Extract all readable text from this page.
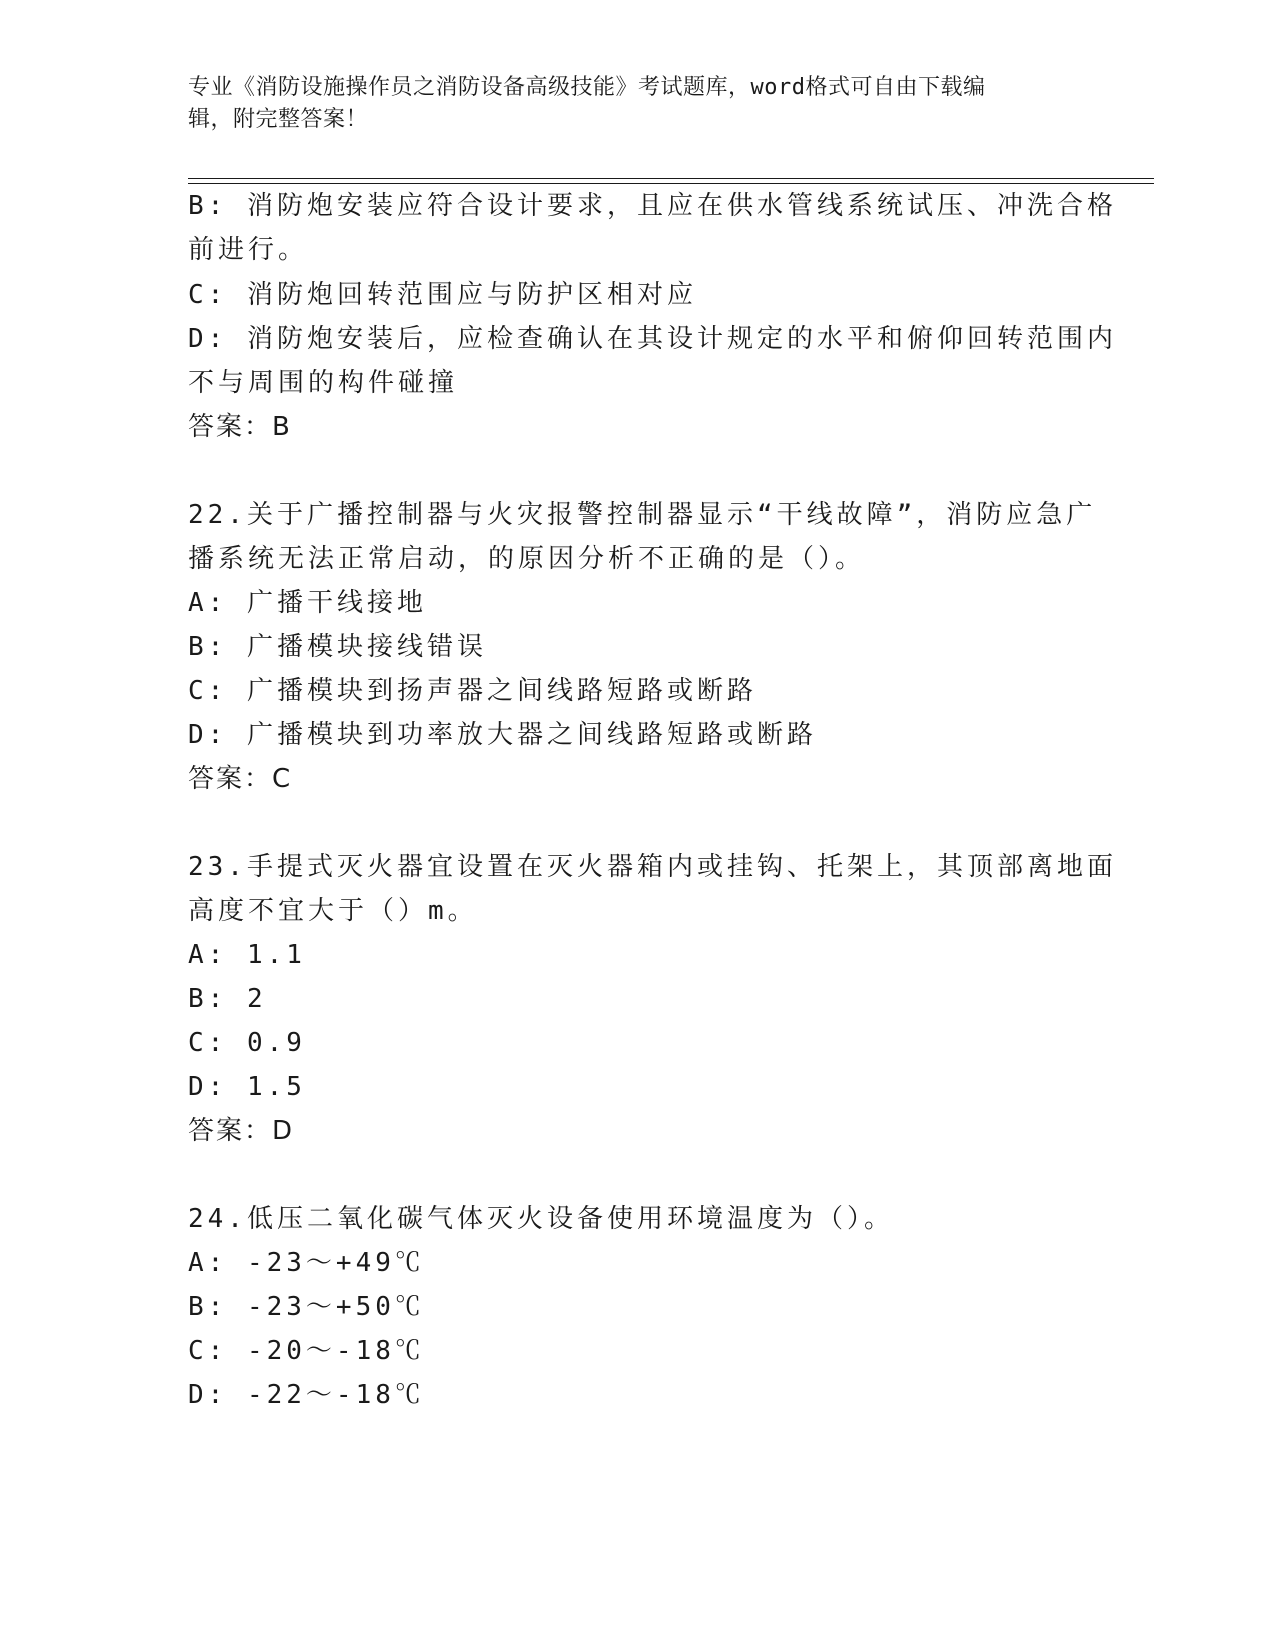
专业《消防设施操作员之消防设备高级技能》考试题库，word格式可自由下载编
辑，附完整答案！
B: 消防炮安装应符合设计要求，且应在供水管线系统试压、冲洗合格
前进行。
C: 消防炮回转范围应与防护区相对应
D: 消防炮安装后，应检查确认在其设计规定的水平和俯仰回转范围内
不与周围的构件碰撞
答案：B
22.关于广播控制器与火灾报警控制器显示“干线故障”，消防应急广
播系统无法正常启动，的原因分析不正确的是（）。
A: 广播干线接地
B: 广播模块接线错误
C: 广播模块到扬声器之间线路短路或断路
D: 广播模块到功率放大器之间线路短路或断路
答案：C
23.手提式灭火器宜设置在灭火器箱内或挂钩、托架上，其顶部离地面
高度不宜大于（）m。
A: 1.1
B: 2
C: 0.9
D: 1.5
答案：D
24.低压二氧化碳气体灭火设备使用环境温度为（）。
A: -23～+49℃
B: -23～+50℃
C: -20～-18℃
D: -22～-18℃
